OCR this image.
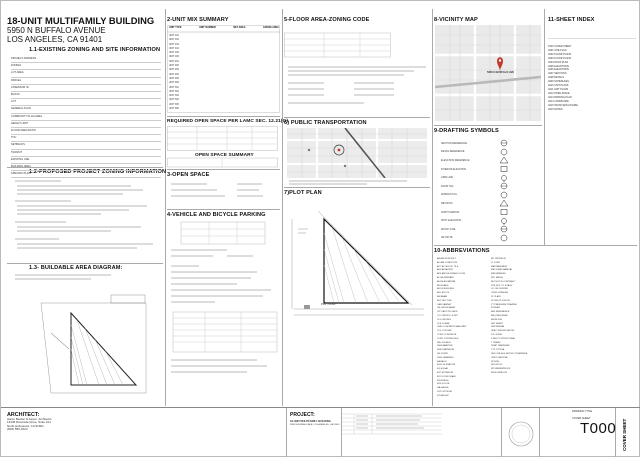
18-UNIT MULTIFAMILY BUILDING
5950 N BUFFALO AVENUE
LOS ANGELES, CA 91401
1.1-EXISTING ZONING AND SITE INFORMATION
1.2-PROPOSED PROJECT ZONING INFORMATION
1.3- BUILDABLE AREA DIAGRAM:
2-UNIT MIX SUMMARY
REQUIRED OPEN SPACE PER LAMC SEC. 12.21(G)
OPEN SPACE SUMMARY
3-OPEN SPACE
4-VEHICLE AND BICYCLE PARKING
5-FLOOR AREA-ZONING CODE
6) PUBLIC TRANSPORTATION
7)PLOT PLAN
8-VICINITY MAP
9-DRAFTING SYMBOLS
10-ABBREVIATIONS
11-SHEET INDEX
PROJECT ADDRESS
ZONING
LOT AREA
PARCEL
ASSESSOR ID
BLOCK
LOT
GENERAL PLAN
COMMUNITY PLAN AREA
HEIGHT LIMIT
FLOOR AREA RATIO
TOC
SETBACKS
TRANSIT
EXISTING USE
BUILDING AREA
SPECIFIC PLAN
UNIT TYPE	UNIT NUMBER	NET AREA	GROSS AREA
UNIT 101
UNIT 102
UNIT 103
UNIT 104
UNIT 105
UNIT 106
UNIT 201
UNIT 202
UNIT 203
UNIT 204
UNIT 205
UNIT 206
UNIT 301
UNIT 302
UNIT 303
UNIT 304
UNIT 305
UNIT 306
PLOT PLAN
5950 N BUFFALO AVE
SECTION REFERENCE
DETAIL REFERENCE
ELEVATION REFERENCE
INTERIOR ELEVATION
GRID LINE
DOOR TAG
WINDOW TAG
REVISION
NORTH ARROW
SPOT ELEVATION
MATCH LINE
KEYNOTE
T000 COVER SHEET
A001 SITE PLAN
A002 FLOOR PLANS
A003 FLOOR PLANS
A004 ROOF PLAN
A005 ELEVATIONS
A006 ELEVATIONS
A007 SECTIONS
A008 DETAILS
A009 SCHEDULES
A010 UNIT PLANS
A011 UNIT PLANS
A012 OPEN SPACE
A013 PARKING PLAN
A014 LANDSCAPE
A015 TRASH ENCLOSURE
A016 NOTES
AB ANCHOR BOLT
AC AIR CONDITION
ACT ACOUSTIC TILE
ADJ ADJACENT
AFF ABOVE FINISH FLOOR
ALT ALTERNATE
ALUM ALUMINUM
BD BOARD
BLDG BUILDING
BLK BLOCK
BM BEAM
BOT BOTTOM
CAB CABINET
CB CATCH BASIN
CIP CAST IN PLACE
CJ CONTROL JOINT
CLG CEILING
CLR CLEAR
CMU CONCRETE MASONRY
COL COLUMN
CONC CONCRETE
CONT CONTINUOUS
DBL DOUBLE
DIA DIAMETER
DIM DIMENSION
DN DOWN
DWG DRAWING
EA EACH
ELEV ELEVATION
EQ EQUAL
EXT EXTERIOR
FD FLOOR DRAIN
FIN FINISH
FLR FLOOR
GA GAUGE
GYP GYPSUM
HT HEIGHT
INT INTERIOR
JT JOINT
MAX MAXIMUM
MECH MECHANICAL
MIN MINIMUM
MTL METAL
NIC NOT IN CONTRACT
NTS NOT TO SCALE
OC ON CENTER
OPNG OPENING
PL PLATE
PLYWD PLYWOOD
PT PRESSURE TREATED
R RISER
REF REFERENCE
REQ REQUIRED
RM ROOM
SHT SHEET
SIM SIMILAR
SPEC SPECIFICATION
STL STEEL
STRUCT STRUCTURAL
T TREAD
TEMP TEMPERED
TYP TYPICAL
UNO UNLESS NOTED OTHERWISE
VERT VERTICAL
W WITH
WD WOOD
WP WATERPROOF
WDW WINDOW
ARCHITECT:
Aaron Becker & Assoc. Architects
12345 Riverside Drive, Suite 101
North Hollywood, CA 91601
(818) 555-0123
PROJECT:
18-UNIT MULTIFAMILY BUILDING
5950 N BUFFALO AVE, LOS ANGELES, CA 91401
DRAWING TITLE
COVER SHEET
T000 COVER SHEET
